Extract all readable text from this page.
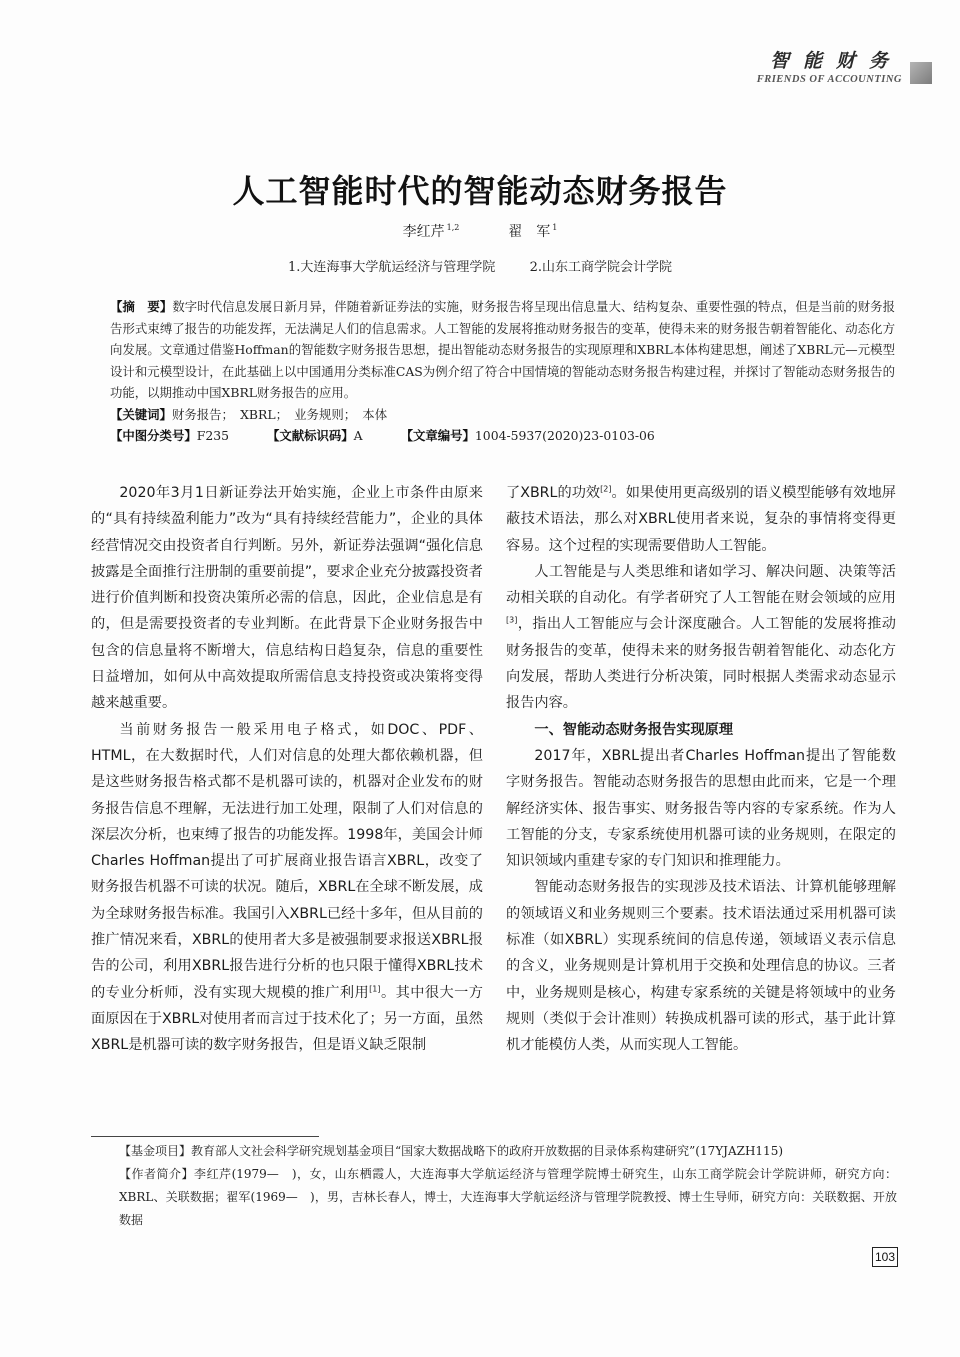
智能财务
FRIENDS OF ACCOUNTING
人工智能时代的智能动态财务报告
李红芹 $^{1,2}$	翟　军 $^1$
1.大连海事大学航运经济与管理学院	2.山东工商学院会计学院

【摘　要】数字时代信息发展日新月异，伴随着新证券法的实施，财务报告将呈现出信息量大、结构复杂、重要性强的特点，但是当前的财务报告形式束缚了报告的功能发挥，无法满足人们的信息需求。人工智能的发展将推动财务报告的变革，使得未来的财务报告朝着智能化、动态化方向发展。文章通过借鉴Hoffman的智能数字财务报告思想，提出智能动态财务报告的实现原理和XBRL本体构建思想，阐述了XBRL元—元模型设计和元模型设计，在此基础上以中国通用分类标准CAS为例介绍了符合中国情境的智能动态财务报告构建过程，并探讨了智能动态财务报告的功能，以期推动中国XBRL财务报告的应用。

【关键词】财务报告；　XBRL；　业务规则；　本体

【中图分类号】F235	【文献标识码】A	【文章编号】1004-5937(2020)23-0103-06

2020年3月1日新证券法开始实施，企业上市条件由原来的“具有持续盈利能力”改为“具有持续经营能力”，企业的具体经营情况交由投资者自行判断。另外，新证券法强调“强化信息披露是全面推行注册制的重要前提”，要求企业充分披露投资者进行价值判断和投资决策所必需的信息，因此，企业信息是有的，但是需要投资者的专业判断。在此背景下企业财务报告中包含的信息量将不断增大，信息结构日趋复杂，信息的重要性日益增加，如何从中高效提取所需信息支持投资或决策将变得越来越重要。

当前财务报告一般采用电子格式，如DOC、PDF、HTML，在大数据时代，人们对信息的处理大都依赖机器，但是这些财务报告格式都不是机器可读的，机器对企业发布的财务报告信息不理解，无法进行加工处理，限制了人们对信息的深层次分析，也束缚了报告的功能发挥。1998年，美国会计师Charles Hoffman提出了可扩展商业报告语言XBRL，改变了财务报告机器不可读的状况。随后，XBRL在全球不断发展，成为全球财务报告标准。我国引入XBRL已经十多年，但从目前的推广情况来看，XBRL的使用者大多是被强制要求报送XBRL报告的公司，利用XBRL报告进行分析的也只限于懂得XBRL技术的专业分析师，没有实现大规模的推广利用[1]。其中很大一方面原因在于XBRL对使用者而言过于技术化了；另一方面，虽然XBRL是机器可读的数字财务报告，但是语义缺乏限制

了XBRL的功效[2]。如果使用更高级别的语义模型能够有效地屏蔽技术语法，那么对XBRL使用者来说，复杂的事情将变得更容易。这个过程的实现需要借助人工智能。

人工智能是与人类思维和诸如学习、解决问题、决策等活动相关联的自动化。有学者研究了人工智能在财会领域的应用[3]，指出人工智能应与会计深度融合。人工智能的发展将推动财务报告的变革，使得未来的财务报告朝着智能化、动态化方向发展，帮助人类进行分析决策，同时根据人类需求动态显示报告内容。

一、智能动态财务报告实现原理

2017年，XBRL提出者Charles Hoffman提出了智能数字财务报告。智能动态财务报告的思想由此而来，它是一个理解经济实体、报告事实、财务报告等内容的专家系统。作为人工智能的分支，专家系统使用机器可读的业务规则，在限定的知识领域内重建专家的专门知识和推理能力。

智能动态财务报告的实现涉及技术语法、计算机能够理解的领域语义和业务规则三个要素。技术语法通过采用机器可读标准（如XBRL）实现系统间的信息传递，领域语义表示信息的含义，业务规则是计算机用于交换和处理信息的协议。三者中，业务规则是核心，构建专家系统的关键是将领域中的业务规则（类似于会计准则）转换成机器可读的形式，基于此计算机才能模仿人类，从而实现人工智能。

【基金项目】教育部人文社会科学研究规划基金项目“国家大数据战略下的政府开放数据的目录体系构建研究”(17YJAZH115)

【作者简介】李红芹(1979—　)，女，山东栖霞人，大连海事大学航运经济与管理学院博士研究生，山东工商学院会计学院讲师，研究方向：XBRL、关联数据；翟军(1969—　)，男，吉林长春人，博士，大连海事大学航运经济与管理学院教授、博士生导师，研究方向：关联数据、开放数据

103
